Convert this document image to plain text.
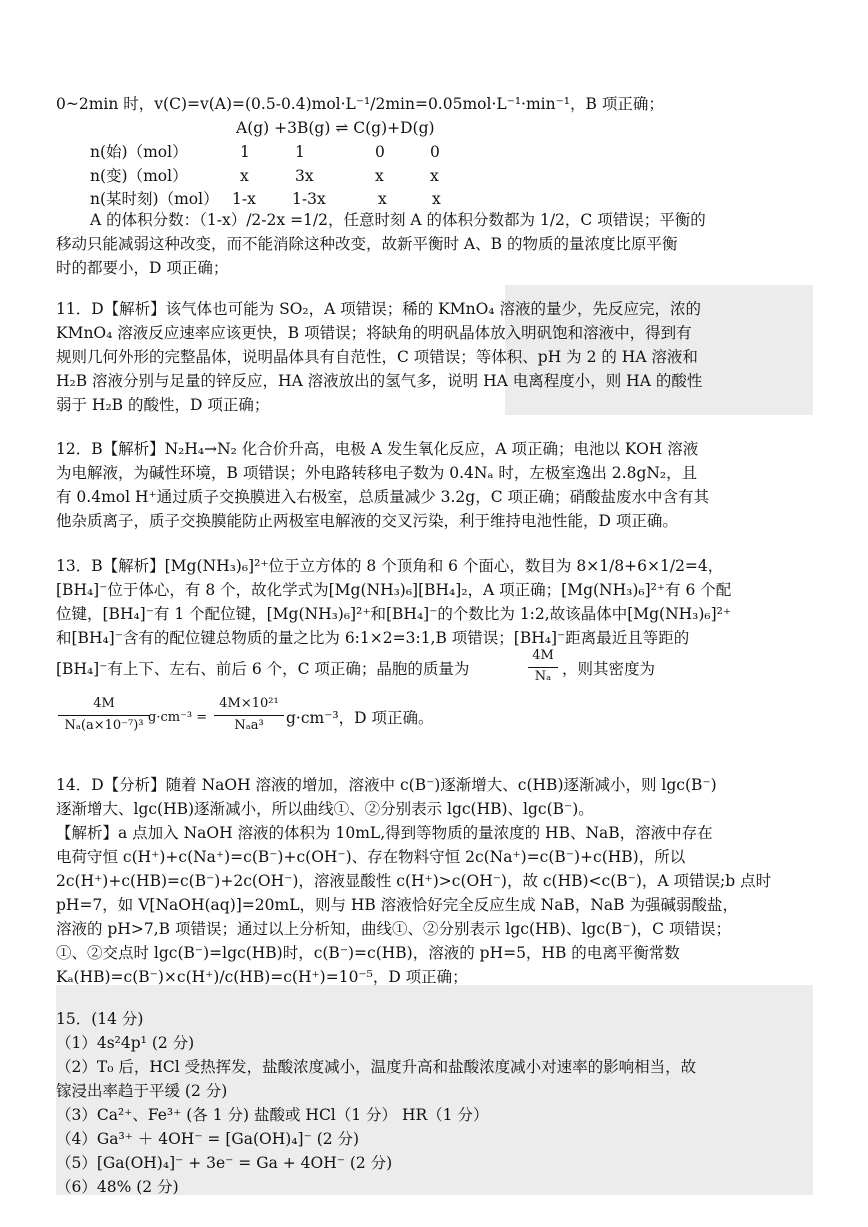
0~2min 时，v(C)=v(A)=(0.5-0.4)mol·L⁻¹/2min=0.05mol·L⁻¹·min⁻¹，B 项正确；
A(g) +3B(g) ⇌ C(g)+D(g)
n(始)（mol）	1	1	0	0
n(变)（mol）	x	3x	x	x
n(某时刻)（mol） 1-x 1-3x	x	x
A 的体积分数：（1-x）/2-2x =1/2，任意时刻 A 的体积分数都为 1/2，C 项错误；平衡的
移动只能减弱这种改变，而不能消除这种改变，故新平衡时 A、B 的物质的量浓度比原平衡
时的都要小，D 项正确；
11．D【解析】该气体也可能为 SO₂，A 项错误；稀的 KMnO₄ 溶液的量少，先反应完，浓的
KMnO₄ 溶液反应速率应该更快，B 项错误；将缺角的明矾晶体放入明矾饱和溶液中，得到有
规则几何外形的完整晶体，说明晶体具有自范性，C 项错误；等体积、pH 为 2 的 HA 溶液和
H₂B 溶液分别与足量的锌反应，HA 溶液放出的氢气多，说明 HA 电离程度小，则 HA 的酸性
弱于 H₂B 的酸性，D 项正确；
12．B【解析】N₂H₄→N₂ 化合价升高，电极 A 发生氧化反应，A 项正确；电池以 KOH 溶液
为电解液，为碱性环境，B 项错误；外电路转移电子数为 0.4Nₐ 时，左极室逸出 2.8gN₂，且
有 0.4mol H⁺通过质子交换膜进入右极室，总质量减少 3.2g，C 项正确；硝酸盐废水中含有其
他杂质离子，质子交换膜能防止两极室电解液的交叉污染，利于维持电池性能，D 项正确。
13．B【解析】[Mg(NH₃)₆]²⁺位于立方体的 8 个顶角和 6 个面心，数目为 8×1/8+6×1/2=4，
[BH₄]⁻位于体心，有 8 个，故化学式为[Mg(NH₃)₆][BH₄]₂，A 项正确；[Mg(NH₃)₆]²⁺有 6 个配
位键，[BH₄]⁻有 1 个配位键，[Mg(NH₃)₆]²⁺和[BH₄]⁻的个数比为 1:2,故该晶体中[Mg(NH₃)₆]²⁺
和[BH₄]⁻含有的配位键总物质的量之比为 6:1×2=3:1,B 项错误；[BH₄]⁻距离最近且等距的
[BH₄]⁻有上下、左右、前后 6 个，C 项正确；晶胞的质量为
4M
Nₐ ，则其密度为
4M
Nₐ(a×10⁻⁷)³
g·cm⁻³ =
4M×10²¹
Nₐa³	g·cm⁻³，D 项正确。
14．D【分析】随着 NaOH 溶液的增加，溶液中 c(B⁻)逐渐增大、c(HB)逐渐减小，则 lgc(B⁻)
逐渐增大、lgc(HB)逐渐减小，所以曲线①、②分别表示 lgc(HB)、lgc(B⁻)。
【解析】a 点加入 NaOH 溶液的体积为 10mL,得到等物质的量浓度的 HB、NaB，溶液中存在
电荷守恒 c(H⁺)+c(Na⁺)=c(B⁻)+c(OH⁻)、存在物料守恒 2c(Na⁺)=c(B⁻)+c(HB)，所以
2c(H⁺)+c(HB)=c(B⁻)+2c(OH⁻)，溶液显酸性 c(H⁺)>c(OH⁻)，故 c(HB)<c(B⁻)，A 项错误;b 点时
pH=7，如 V[NaOH(aq)]=20mL，则与 HB 溶液恰好完全反应生成 NaB，NaB 为强碱弱酸盐，
溶液的 pH>7,B 项错误；通过以上分析知，曲线①、②分别表示 lgc(HB)、lgc(B⁻)，C 项错误；
①、②交点时 lgc(B⁻)=lgc(HB)时，c(B⁻)=c(HB)，溶液的 pH=5，HB 的电离平衡常数
Kₐ(HB)=c(B⁻)×c(H⁺)/c(HB)=c(H⁺)=10⁻⁵，D 项正确；
15．(14 分)
（1）4s²4p¹ (2 分)
（2）T₀ 后，HCl 受热挥发，盐酸浓度减小，温度升高和盐酸浓度减小对速率的影响相当，故
镓浸出率趋于平缓 (2 分)
（3）Ca²⁺、Fe³⁺ (各 1 分) 盐酸或 HCl（1 分） HR（1 分）
（4）Ga³⁺ ＋ 4OH⁻ = [Ga(OH)₄]⁻ (2 分)
（5）[Ga(OH)₄]⁻ + 3e⁻ = Ga + 4OH⁻ (2 分)
（6）48% (2 分)
